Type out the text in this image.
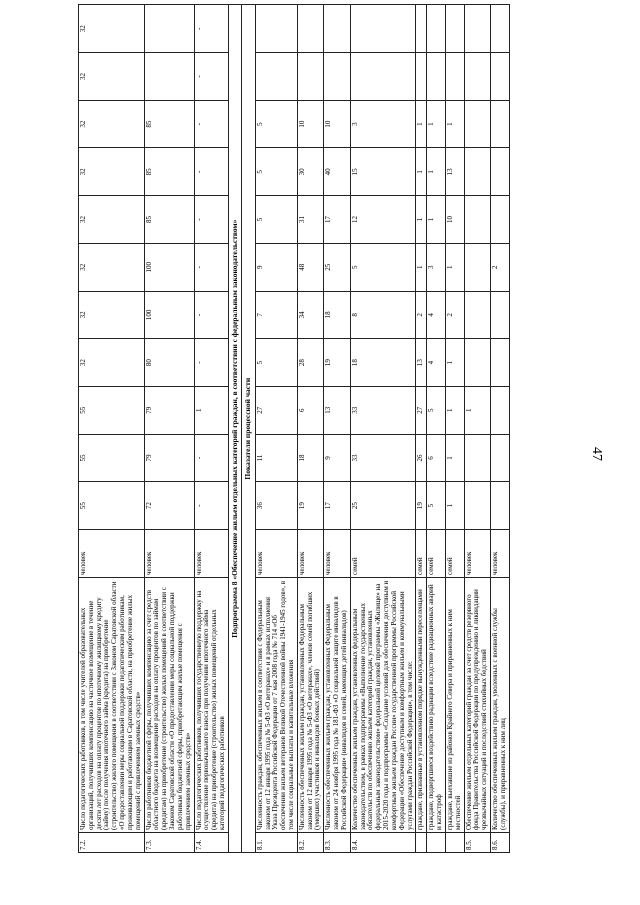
47
7.2.	Число педагогических работников, в том числе учителей образовательных организаций, получивших компенсацию на частичное возмещение в течение десяти лет расходов на оплату процентов по ипотечному жилищному кредиту (займу) после получения ипотечного займа (кредита) на приобретение (строительство) жилого помещения в соответствии с Законом Саратовской области «О предоставлении меры социальной поддержки педагогическим работникам, проживающим и работающим в Саратовской области, на приобретение жилых помещений с привлечением заемных средств»	человек	55	55	55	32	32	32	32	32	32	32	32
7.3.	Число работников бюджетной сферы, получивших компенсацию за счет средств областного бюджета на возмещение расходов на оплату процентов по займам (кредитам) на приобретение (строительство) жилых помещений в соответствии с Законом Саратовской области «О предоставлении меры социальной поддержки работникам бюджетной сферы, приобретающим жилые помещения с привлечением заемных средств»	человек	72	79	79	80	100	100	85	85	85		
7.4.	Число педагогических работников, получивших государственную поддержку на осуществление первоначального взноса при получении ипотечного займа (кредита) на приобретение (строительство) жилых помещений отдельных категорий педагогических работников	человек	-	-	1	-	-	-	-	-	-	-	-
Подпрограмма 8 «Обеспечение жильем отдельных категорий граждан, в соответствии с федеральным законодательством»													
Показатели процессной части													
8.1.	Численность граждан, обеспеченных жильем в соответствии с Федеральным законом от 12 января 1995 года № 5-ФЗ «О ветеранах» и в рамках исполнения Указа Президента Российской Федерации от 7 мая 2008 года № 714 «Об обеспечении жильем ветеранов Великой Отечественной войны 1941-1945 годов», в том числе социальные выплаты и капитальные вложения	человек	36	11	27	5	7	9	5	5	5		
8.2.	Численность обеспеченных жильем граждан, установленных Федеральным законом от 12 января 1995 года № 5-ФЗ «О ветеранах», членов семей погибших (умерших) участников и инвалидов боевых действий)	человек	19	18	6	28	34	48	31	30	10		
8.3.	Численность обеспеченных жильем граждан, установленных Федеральным законом от 24 ноября 1995 года № 181-ФЗ «О социальной защите инвалидов в Российской Федерации» (инвалидов и семей, имеющих детей инвалидов)	человек	17	9	13	19	18	25	17	40	10		
8.4.	Количество обеспеченных жильем граждан, установленных федеральным законодательством, в рамках подпрограммы «Выполнение государственных обязательств по обеспечению жильем категорий граждан, установленных федеральным законодательством» федеральной целевой программы «Жилище» на 2015-2020 годы и подпрограммы «Создание условий для обеспечения доступным и комфортным жильем граждан России» государственной программы Российской Федерации «Обеспечение доступным и комфортным жильем и коммунальными услугами граждан Российской Федерации», в том числе:	семей	25	33	33	18	8	5	12	15	3		
	граждане, признанные в установленном порядке вынужденными переселенцами	семей	19	26	27	13	2	1	1	1	1		
	граждане, подвергшиеся воздействию радиации вследствие радиационных аварий и катастроф	семей	5	6	5	4	4	3	1	1	1		
	граждане, выехавшие из районов Крайнего Севера и приравненных к ним местностей	семей	1	1	1	1	2	1	10	13	1		
8.5.	Обеспечение жильем отдельных категорий граждан за счет средств резервного фонда Правительства Российской Федерации по предупреждению и ликвидации чрезвычайных ситуаций и последствий стихийных бедствий	человек			1								
8.6.	Количество обеспеченных жильем граждан, уволенных с военной службы (службы), и приравненных к ним лиц	человек						2					
